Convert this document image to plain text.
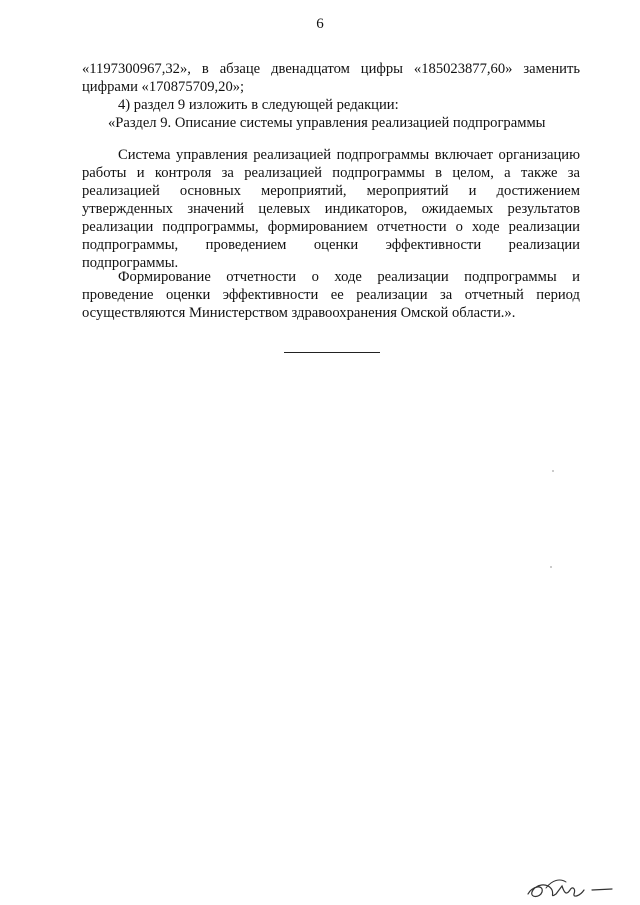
6
«1197300967,32», в абзаце двенадцатом цифры «185023877,60» заменить цифрами «170875709,20»;
4) раздел 9 изложить в следующей редакции:
«Раздел 9. Описание системы управления реализацией подпрограммы
Система управления реализацией подпрограммы включает организацию работы и контроля за реализацией подпрограммы в целом, а также за реализацией основных мероприятий, мероприятий и достижением утвержденных значений целевых индикаторов, ожидаемых результатов реализации подпрограммы, формированием отчетности о ходе реализации подпрограммы, проведением оценки эффективности реализации подпрограммы.
Формирование отчетности о ходе реализации подпрограммы и проведение оценки эффективности ее реализации за отчетный период осуществляются Министерством здравоохранения Омской области.».
